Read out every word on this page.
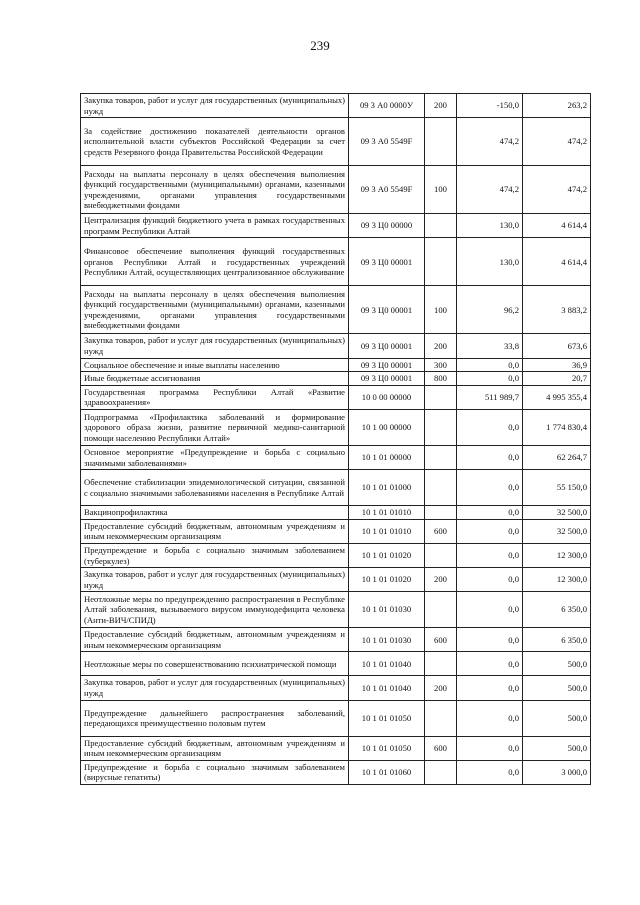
239
Закупка товаров, работ и услуг для государственных (муниципальных) нужд	09 3 А0 0000У	200	-150,0	263,2
За содействие достижению показателей деятельности органов исполнительной власти субъектов Российской Федерации за счет средств Резервного фонда Правительства Российской Федерации	09 3 А0 5549F		474,2	474,2
Расходы на выплаты персоналу в целях обеспечения выполнения функций государственными (муниципальными) органами, казенными учреждениями, органами управления государственными внебюджетными фондами	09 3 А0 5549F	100	474,2	474,2
Централизация функций бюджетного учета в рамках государственных программ Республики Алтай	09 3 Ц0 00000		130,0	4 614,4
Финансовое обеспечение выполнения функций государственных органов Республики Алтай и государственных учреждений Республики Алтай, осуществляющих централизованное обслуживание	09 3 Ц0 00001		130,0	4 614,4
Расходы на выплаты персоналу в целях обеспечения выполнения функций государственными (муниципальными) органами, казенными учреждениями, органами управления государственными внебюджетными фондами	09 3 Ц0 00001	100	96,2	3 883,2
Закупка товаров, работ и услуг для государственных (муниципальных) нужд	09 3 Ц0 00001	200	33,8	673,6
Социальное обеспечение и иные выплаты населению	09 3 Ц0 00001	300	0,0	36,9
Иные бюджетные ассигнования	09 3 Ц0 00001	800	0,0	20,7
Государственная программа Республики Алтай «Развитие здравоохранения»	10 0 00 00000		511 989,7	4 995 355,4
Подпрограмма «Профилактика заболеваний и формирование здорового образа жизни, развитие первичной медико-санитарной помощи населению Республики Алтай»	10 1 00 00000		0,0	1 774 830,4
Основное мероприятие «Предупреждение и борьба с социально значимыми заболеваниями»	10 1 01 00000		0,0	62 264,7
Обеспечение стабилизации эпидемиологической ситуации, связанной с социально значимыми заболеваниями населения в Республике Алтай	10 1 01 01000		0,0	55 150,0
Вакцинопрофилактика	10 1 01 01010		0,0	32 500,0
Предоставление субсидий бюджетным, автономным учреждениям и иным некоммерческим организациям	10 1 01 01010	600	0,0	32 500,0
Предупреждение и борьба с социально значимым заболеванием (туберкулез)	10 1 01 01020		0,0	12 300,0
Закупка товаров, работ и услуг для государственных (муниципальных) нужд	10 1 01 01020	200	0,0	12 300,0
Неотложные меры по предупреждению распространения в Республике Алтай заболевания, вызываемого вирусом иммунодефицита человека (Анти-ВИЧ/СПИД)	10 1 01 01030		0,0	6 350,0
Предоставление субсидий бюджетным, автономным учреждениям и иным некоммерческим организациям	10 1 01 01030	600	0,0	6 350,0
Неотложные меры по совершенствованию психиатрической помощи	10 1 01 01040		0,0	500,0
Закупка товаров, работ и услуг для государственных (муниципальных) нужд	10 1 01 01040	200	0,0	500,0
Предупреждение дальнейшего распространения заболеваний, передающихся преимущественно половым путем	10 1 01 01050		0,0	500,0
Предоставление субсидий бюджетным, автономным учреждениям и иным некоммерческим организациям	10 1 01 01050	600	0,0	500,0
Предупреждение и борьба с социально значимым заболеванием (вирусные гепатиты)	10 1 01 01060		0,0	3 000,0
